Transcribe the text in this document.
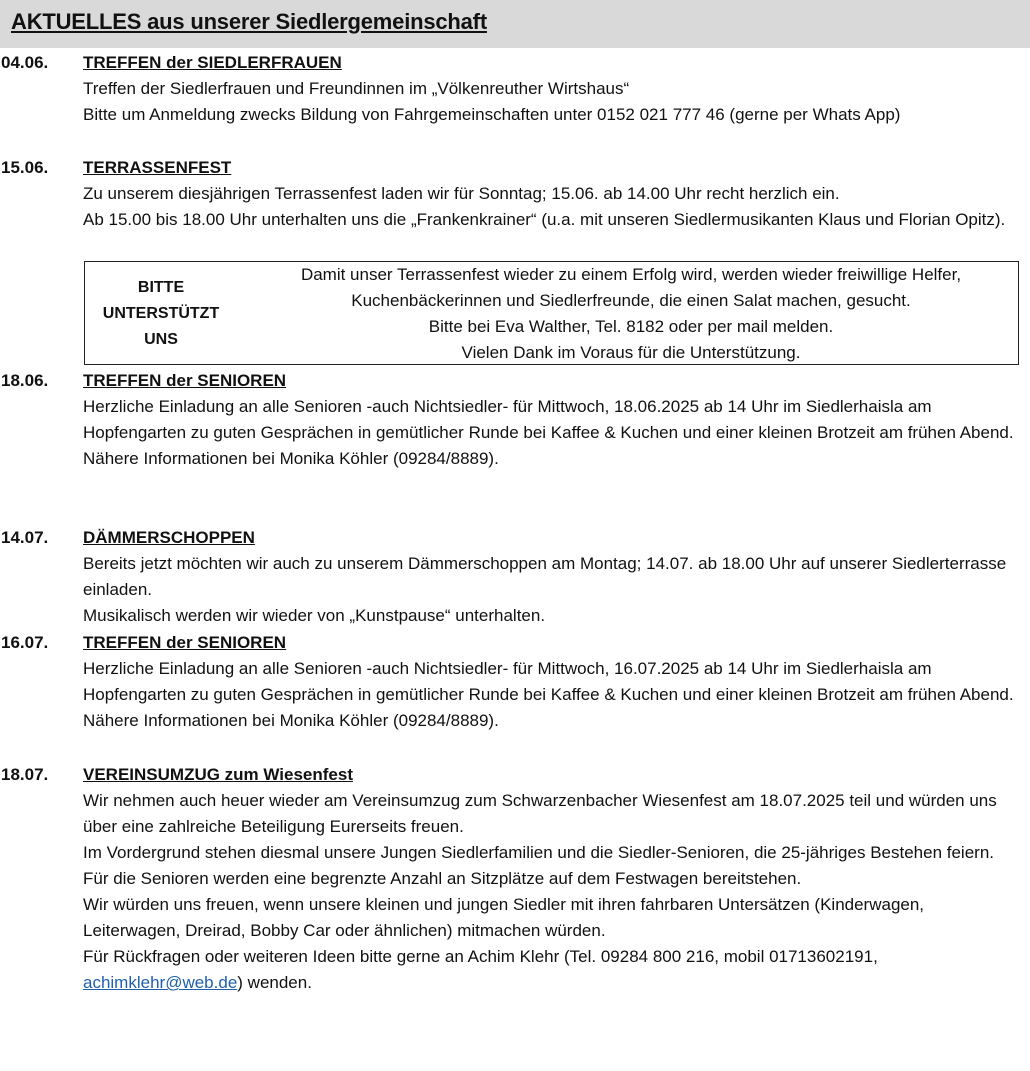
AKTUELLES aus unserer Siedlergemeinschaft
04.06. TREFFEN der SIEDLERFRAUEN

Treffen der Siedlerfrauen und Freundinnen im „Völkenreuther Wirtshaus“

Bitte um Anmeldung zwecks Bildung von Fahrgemeinschaften unter 0152 021 777 46 (gerne per Whats App)

15.06. TERRASSENFEST

Zu unserem diesjährigen Terrassenfest laden wir für Sonntag; 15.06. ab 14.00 Uhr recht herzlich ein.

Ab 15.00 bis 18.00 Uhr unterhalten uns die „Frankenkrainer“ (u.a. mit unseren Siedlermusikanten Klaus und Florian Opitz).

BITTE UNTERSTÜTZT UNS

Damit unser Terrassenfest wieder zu einem Erfolg wird, werden wieder freiwillige Helfer, Kuchenbäckerinnen und Siedlerfreunde, die einen Salat machen, gesucht.

Bitte bei Eva Walther, Tel. 8182 oder per mail melden.

Vielen Dank im Voraus für die Unterstützung.

18.06. TREFFEN der SENIOREN

Herzliche Einladung an alle Senioren -auch Nichtsiedler- für Mittwoch, 18.06.2025 ab 14 Uhr im Siedlerhaisla am Hopfengarten zu guten Gesprächen in gemütlicher Runde bei Kaffee & Kuchen und einer kleinen Brotzeit am frühen Abend.

Nähere Informationen bei Monika Köhler (09284/8889).

14.07. DÄMMERSCHOPPEN

Bereits jetzt möchten wir auch zu unserem Dämmerschoppen am Montag; 14.07. ab 18.00 Uhr auf unserer Siedlerterrasse einladen.

Musikalisch werden wir wieder von „Kunstpause“ unterhalten.

16.07. TREFFEN der SENIOREN

Herzliche Einladung an alle Senioren -auch Nichtsiedler- für Mittwoch, 16.07.2025 ab 14 Uhr im Siedlerhaisla am Hopfengarten zu guten Gesprächen in gemütlicher Runde bei Kaffee & Kuchen und einer kleinen Brotzeit am frühen Abend.

Nähere Informationen bei Monika Köhler (09284/8889).

18.07. VEREINSUMZUG zum Wiesenfest

Wir nehmen auch heuer wieder am Vereinsumzug zum Schwarzenbacher Wiesenfest am 18.07.2025 teil und würden uns über eine zahlreiche Beteiligung Eurerseits freuen.

Im Vordergrund stehen diesmal unsere Jungen Siedlerfamilien und die Siedler-Senioren, die 25-jähriges Bestehen feiern. Für die Senioren werden eine begrenzte Anzahl an Sitzplätze auf dem Festwagen bereitstehen.

Wir würden uns freuen, wenn unsere kleinen und jungen Siedler mit ihren fahrbaren Untersätzen (Kinderwagen, Leiterwagen, Dreirad, Bobby Car oder ähnlichen) mitmachen würden.

Für Rückfragen oder weiteren Ideen bitte gerne an Achim Klehr (Tel. 09284 800 216, mobil 01713602191, achimklehr@web.de) wenden.
